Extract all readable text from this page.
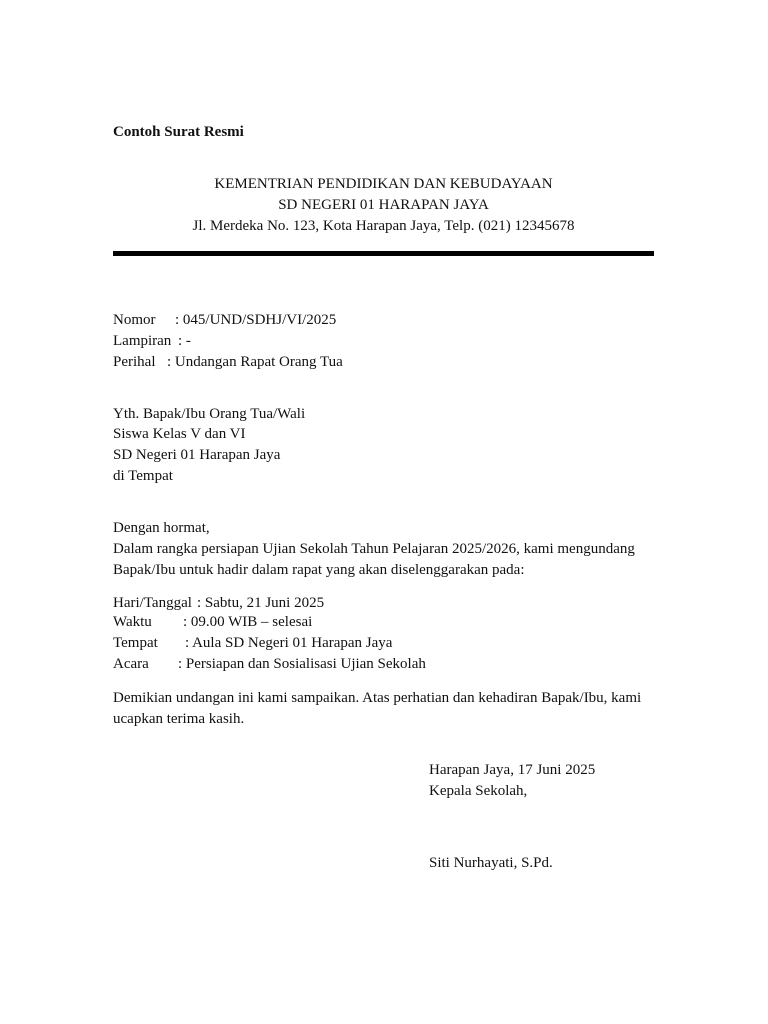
Contoh Surat Resmi
KEMENTRIAN PENDIDIKAN DAN KEBUDAYAAN
SD NEGERI 01 HARAPAN JAYA
Jl. Merdeka No. 123, Kota Harapan Jaya, Telp. (021) 12345678
Nomor	: 045/UND/SDHJ/VI/2025
Lampiran : -
Perihal : Undangan Rapat Orang Tua
Yth. Bapak/Ibu Orang Tua/Wali
Siswa Kelas V dan VI
SD Negeri 01 Harapan Jaya
di Tempat
Dengan hormat,
Dalam rangka persiapan Ujian Sekolah Tahun Pelajaran 2025/2026, kami mengundang Bapak/Ibu untuk hadir dalam rapat yang akan diselenggarakan pada:
Hari/Tanggal : Sabtu, 21 Juni 2025
Waktu	: 09.00 WIB – selesai
Tempat	: Aula SD Negeri 01 Harapan Jaya
Acara	: Persiapan dan Sosialisasi Ujian Sekolah
Demikian undangan ini kami sampaikan. Atas perhatian dan kehadiran Bapak/Ibu, kami ucapkan terima kasih.
Harapan Jaya, 17 Juni 2025
Kepala Sekolah,
Siti Nurhayati, S.Pd.
